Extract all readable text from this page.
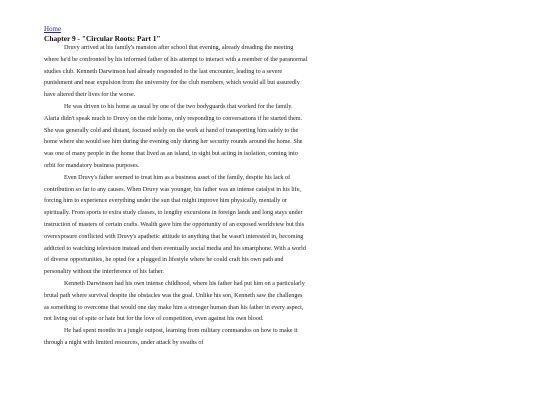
Home
Chapter 9 - "Circular Roots: Part 1"

Druvy arrived at his family's mansion after school that evening, already dreading the meeting where he'd be confronted by his informed father of his attempt to interact with a member of the paranormal studies club. Kenneth Darwinson had already responded to the last encounter, leading to a severe punishment and near expulsion from the university for the club members, which would all but assuredly have altered their lives for the worse.

He was driven to his home as usual by one of the two bodyguards that worked for the family. Alaria didn't speak much to Druvy on the ride home, only responding to conversations if he started them. She was generally cold and distant, focused solely on the work at hand of transporting him safely to the home where she would see him during the evening only during her security rounds around the home. She was one of many people in the home that lived as an island, in sight but acting in isolation, coming into orbit for mandatory business purposes.

Even Druvy's father seemed to treat him as a business asset of the family, despite his lack of contribution so far to any causes. When Druvy was younger, his father was an intense catalyst in his life, forcing him to experience everything under the sun that might improve him physically, mentally or spiritually. From sports to extra study classes, to lengthy excursions in foreign lands and long stays under instruction of masters of certain crafts. Wealth gave him the opportunity of an exposed worldview but this overexposure conflicted with Druvy's apathetic attitude to anything that he wasn't interested in, becoming addicted to watching television instead and then eventually social media and his smartphone. With a world of diverse opportunities, he opted for a plugged in lifestyle where he could craft his own path and personality without the interference of his father.

Kenneth Darwinson had his own intense childhood, where his father had put him on a particularly brutal path where survival despite the obstacles was the goal. Unlike his son, Kenneth saw the challenges as something to overcome that would one day make him a stronger human than his father in every aspect, not living out of spite or hate but for the love of competition, even against his own blood.

He had spent months in a jungle outpost, learning from military commandos on how to make it through a night with limited resources, under attack by swaths of
